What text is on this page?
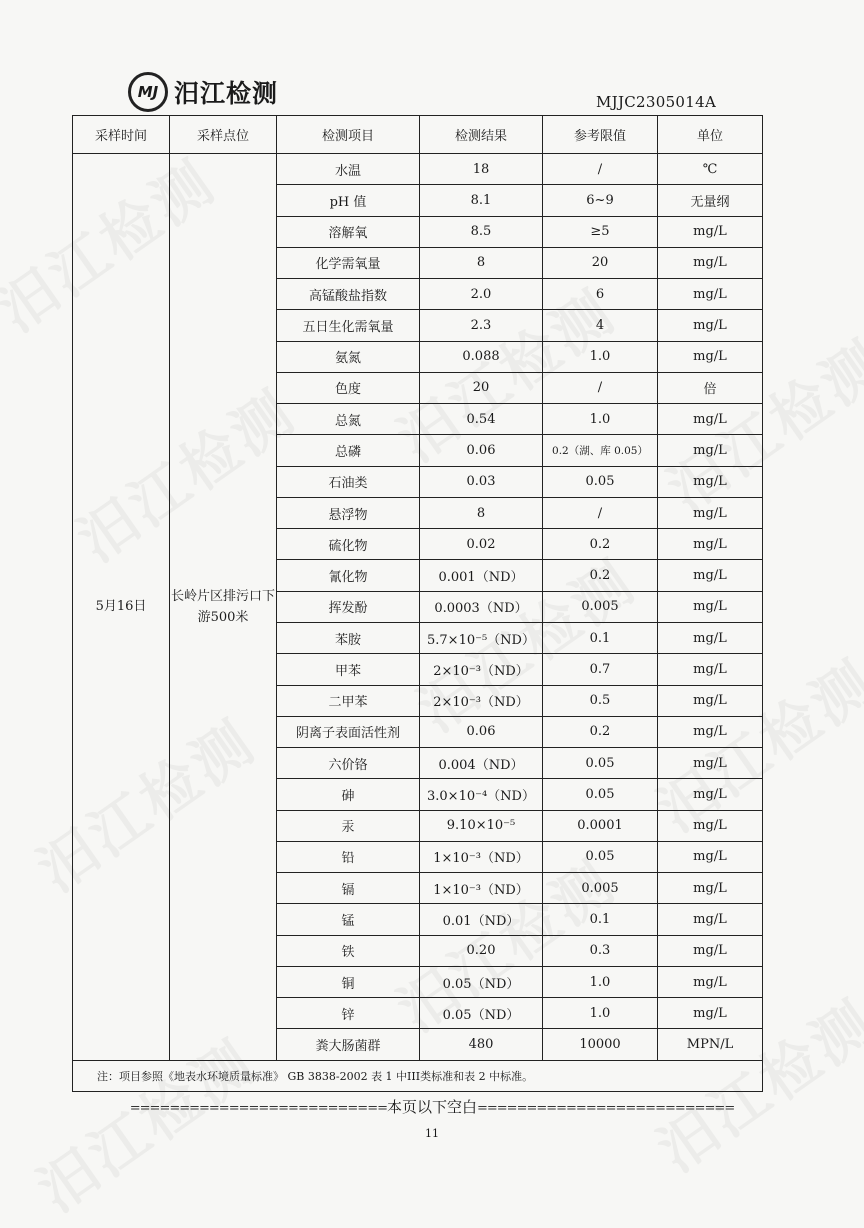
MJ 汨江检测	MJJC2305014A
采样时间	采样点位	检测项目	检测结果	参考限值	单位
5月16日	长岭片区排污口下游500米	水温	18	/	℃
		pH 值	8.1	6~9	无量纲
		溶解氧	8.5	≥5	mg/L
		化学需氧量	8	20	mg/L
		高锰酸盐指数	2.0	6	mg/L
		五日生化需氧量	2.3	4	mg/L
		氨氮	0.088	1.0	mg/L
		色度	20	/	倍
		总氮	0.54	1.0	mg/L
		总磷	0.06	0.2（湖、库 0.05）	mg/L
		石油类	0.03	0.05	mg/L
		悬浮物	8	/	mg/L
		硫化物	0.02	0.2	mg/L
		氰化物	0.001（ND）	0.2	mg/L
		挥发酚	0.0003（ND）	0.005	mg/L
		苯胺	5.7×10⁻⁵（ND）	0.1	mg/L
		甲苯	2×10⁻³（ND）	0.7	mg/L
		二甲苯	2×10⁻³（ND）	0.5	mg/L
		阴离子表面活性剂	0.06	0.2	mg/L
		六价铬	0.004（ND）	0.05	mg/L
		砷	3.0×10⁻⁴（ND）	0.05	mg/L
		汞	9.10×10⁻⁵	0.0001	mg/L
		铅	1×10⁻³（ND）	0.05	mg/L
		镉	1×10⁻³（ND）	0.005	mg/L
		锰	0.01（ND）	0.1	mg/L
		铁	0.20	0.3	mg/L
		铜	0.05（ND）	1.0	mg/L
		锌	0.05（ND）	1.0	mg/L
		粪大肠菌群	480	10000	MPN/L
注：项目参照《地表水环境质量标准》 GB 3838-2002 表 1 中III类标准和表 2 中标准。					
==========================本页以下空白==========================
11
